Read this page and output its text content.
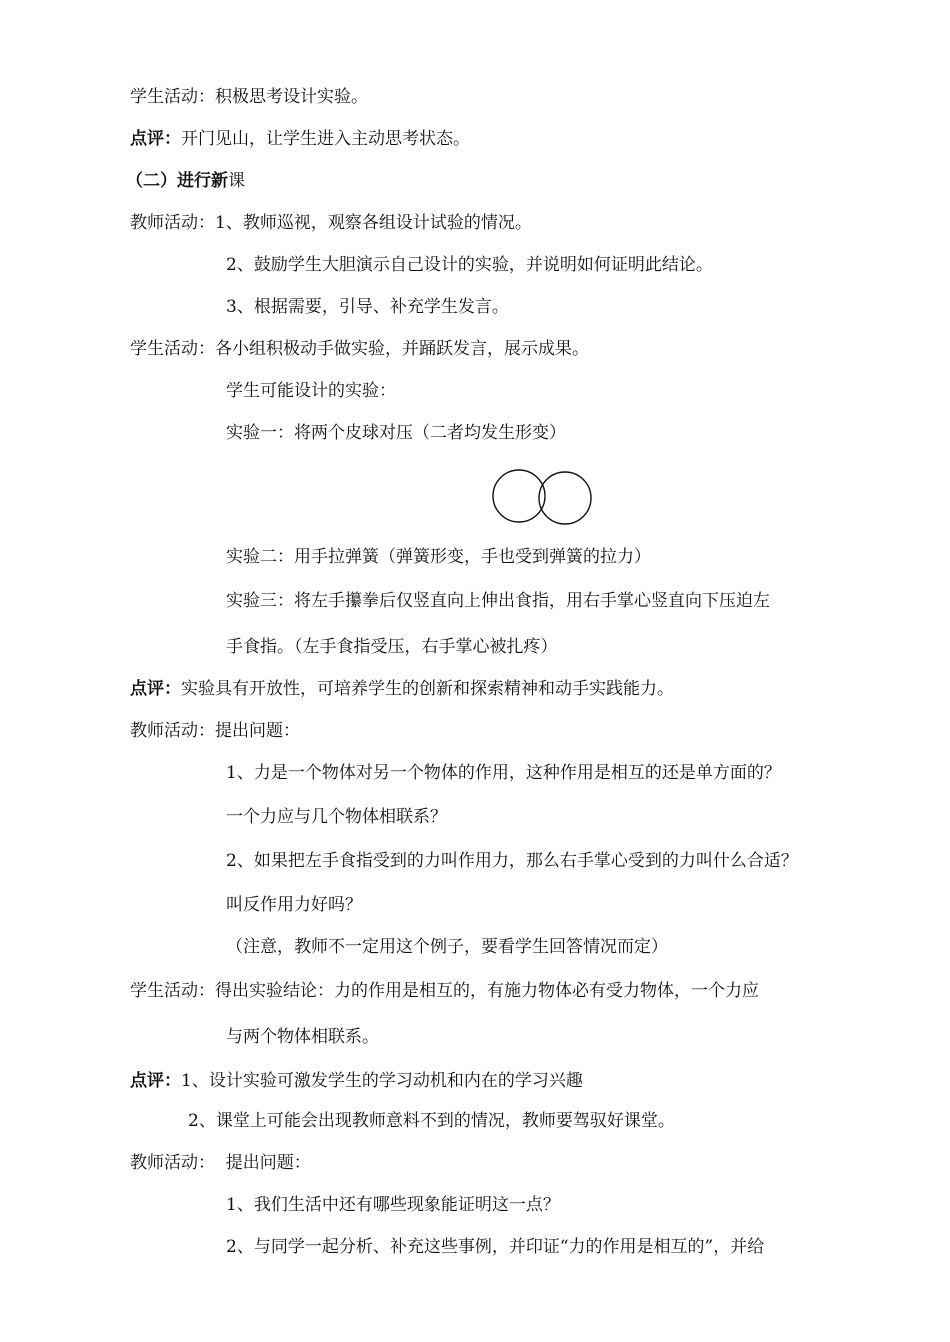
学生活动：积极思考设计实验。
点评：开门见山，让学生进入主动思考状态。
（二）进行新课
教师活动：1、教师巡视，观察各组设计试验的情况。
2、鼓励学生大胆演示自己设计的实验，并说明如何证明此结论。
3、根据需要，引导、补充学生发言。
学生活动：各小组积极动手做实验，并踊跃发言，展示成果。
学生可能设计的实验：
实验一：将两个皮球对压（二者均发生形变）
实验二：用手拉弹簧（弹簧形变，手也受到弹簧的拉力）
实验三：将左手攥拳后仅竖直向上伸出食指，用右手掌心竖直向下压迫左
手食指。（左手食指受压，右手掌心被扎疼）
点评：实验具有开放性，可培养学生的创新和探索精神和动手实践能力。
教师活动：提出问题：
1、力是一个物体对另一个物体的作用，这种作用是相互的还是单方面的？
一个力应与几个物体相联系？
2、如果把左手食指受到的力叫作用力，那么右手掌心受到的力叫什么合适？
叫反作用力好吗？
（注意，教师不一定用这个例子，要看学生回答情况而定）
学生活动：得出实验结论：力的作用是相互的，有施力物体必有受力物体，一个力应
与两个物体相联系。
点评：1、设计实验可激发学生的学习动机和内在的学习兴趣
2、课堂上可能会出现教师意料不到的情况，教师要驾驭好课堂。
教师活动：  提出问题：
1、我们生活中还有哪些现象能证明这一点？
2、与同学一起分析、补充这些事例，并印证“力的作用是相互的”，并给
